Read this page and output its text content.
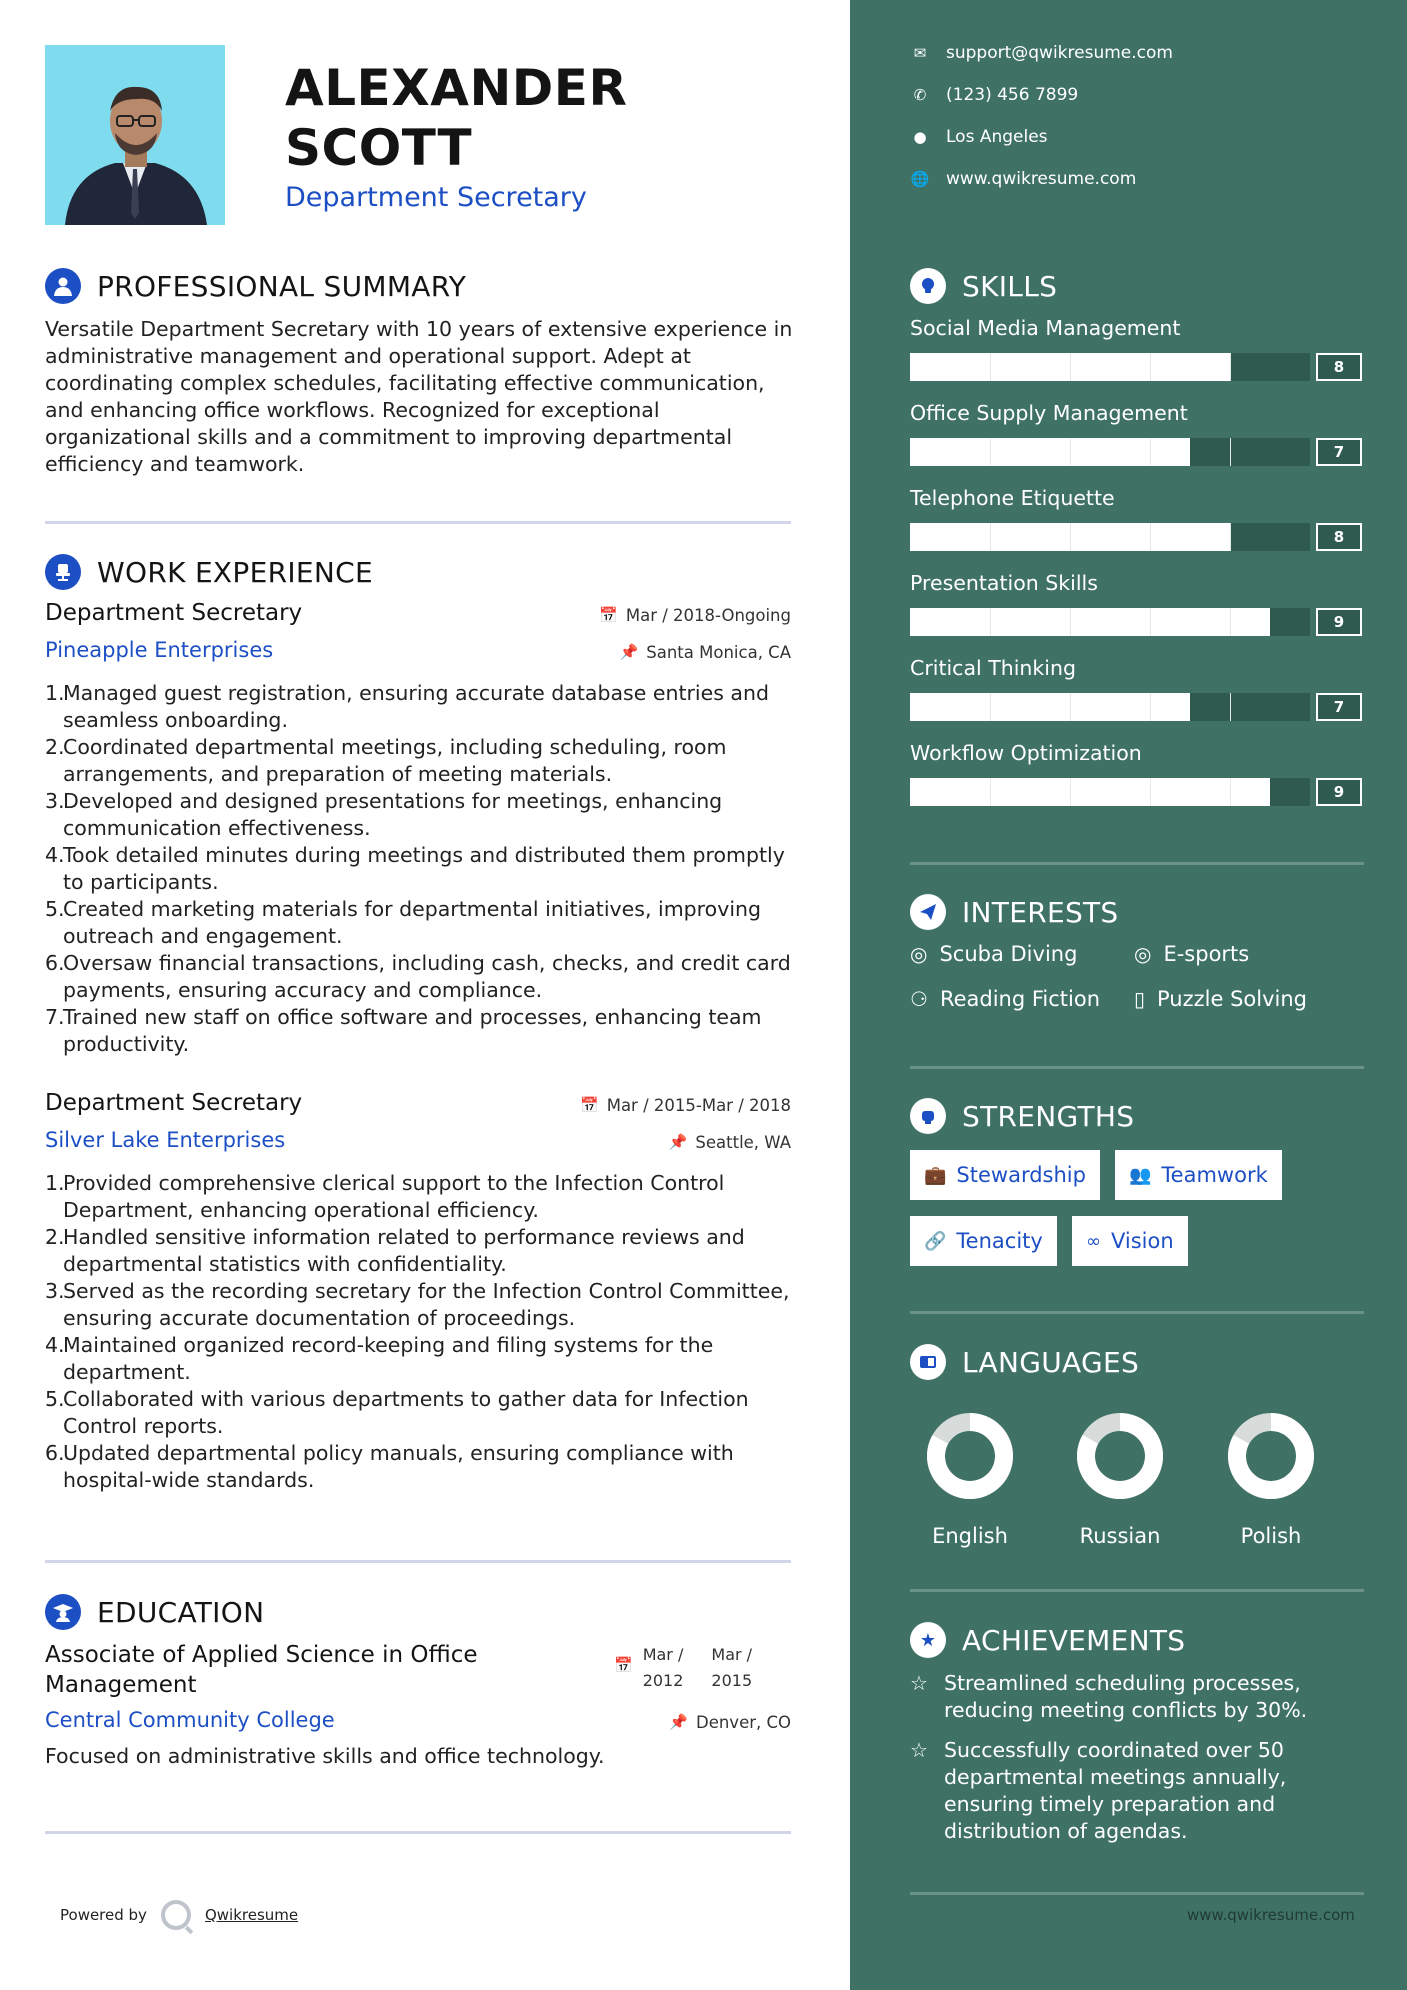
ALEXANDER
SCOTT
Department Secretary
PROFESSIONAL SUMMARY
Versatile Department Secretary with 10 years of extensive experience in administrative management and operational support. Adept at coordinating complex schedules, facilitating effective communication, and enhancing office workflows. Recognized for exceptional organizational skills and a commitment to improving departmental efficiency and teamwork.
WORK EXPERIENCE
Department Secretary	📅 Mar / 2018-Ongoing
Pineapple Enterprises	📌 Santa Monica, CA
1.
Managed guest registration, ensuring accurate database entries and seamless onboarding.
2.
Coordinated departmental meetings, including scheduling, room arrangements, and preparation of meeting materials.
3.
Developed and designed presentations for meetings, enhancing communication effectiveness.
4.
Took detailed minutes during meetings and distributed them promptly to participants.
5.
Created marketing materials for departmental initiatives, improving outreach and engagement.
6.
Oversaw financial transactions, including cash, checks, and credit card payments, ensuring accuracy and compliance.
7.
Trained new staff on office software and processes, enhancing team productivity.
Department Secretary	📅 Mar / 2015-Mar / 2018
Silver Lake Enterprises	📌 Seattle, WA
1.
Provided comprehensive clerical support to the Infection Control Department, enhancing operational efficiency.
2.
Handled sensitive information related to performance reviews and departmental statistics with confidentiality.
3.
Served as the recording secretary for the Infection Control Committee, ensuring accurate documentation of proceedings.
4.
Maintained organized record-keeping and filing systems for the department.
5.
Collaborated with various departments to gather data for Infection Control reports.
6.
Updated departmental policy manuals, ensuring compliance with hospital-wide standards.
EDUCATION
Associate of Applied Science in Office Management
📅
Mar /
2012
Mar /
2015
Central Community College	📌 Denver, CO
Focused on administrative skills and office technology.
Powered by	Qwikresume
✉ support@qwikresume.com
✆ (123) 456 7899
● Los Angeles
🌐 www.qwikresume.com
SKILLS
Social Media Management
8
Office Supply Management
7
Telephone Etiquette
8
Presentation Skills
9
Critical Thinking
7
Workflow Optimization
9
INTERESTS
◎ Scuba Diving	◎ E-sports
⚆ Reading Fiction ▯ Puzzle Solving
STRENGTHS
💼 Stewardship 👥 Teamwork
🔗 Tenacity ∞ Vision
LANGUAGES
English	Russian	Polish
★ ACHIEVEMENTS
☆ Streamlined scheduling processes, reducing meeting conflicts by 30%.
☆ Successfully coordinated over 50 departmental meetings annually, ensuring timely preparation and distribution of agendas.
www.qwikresume.com
